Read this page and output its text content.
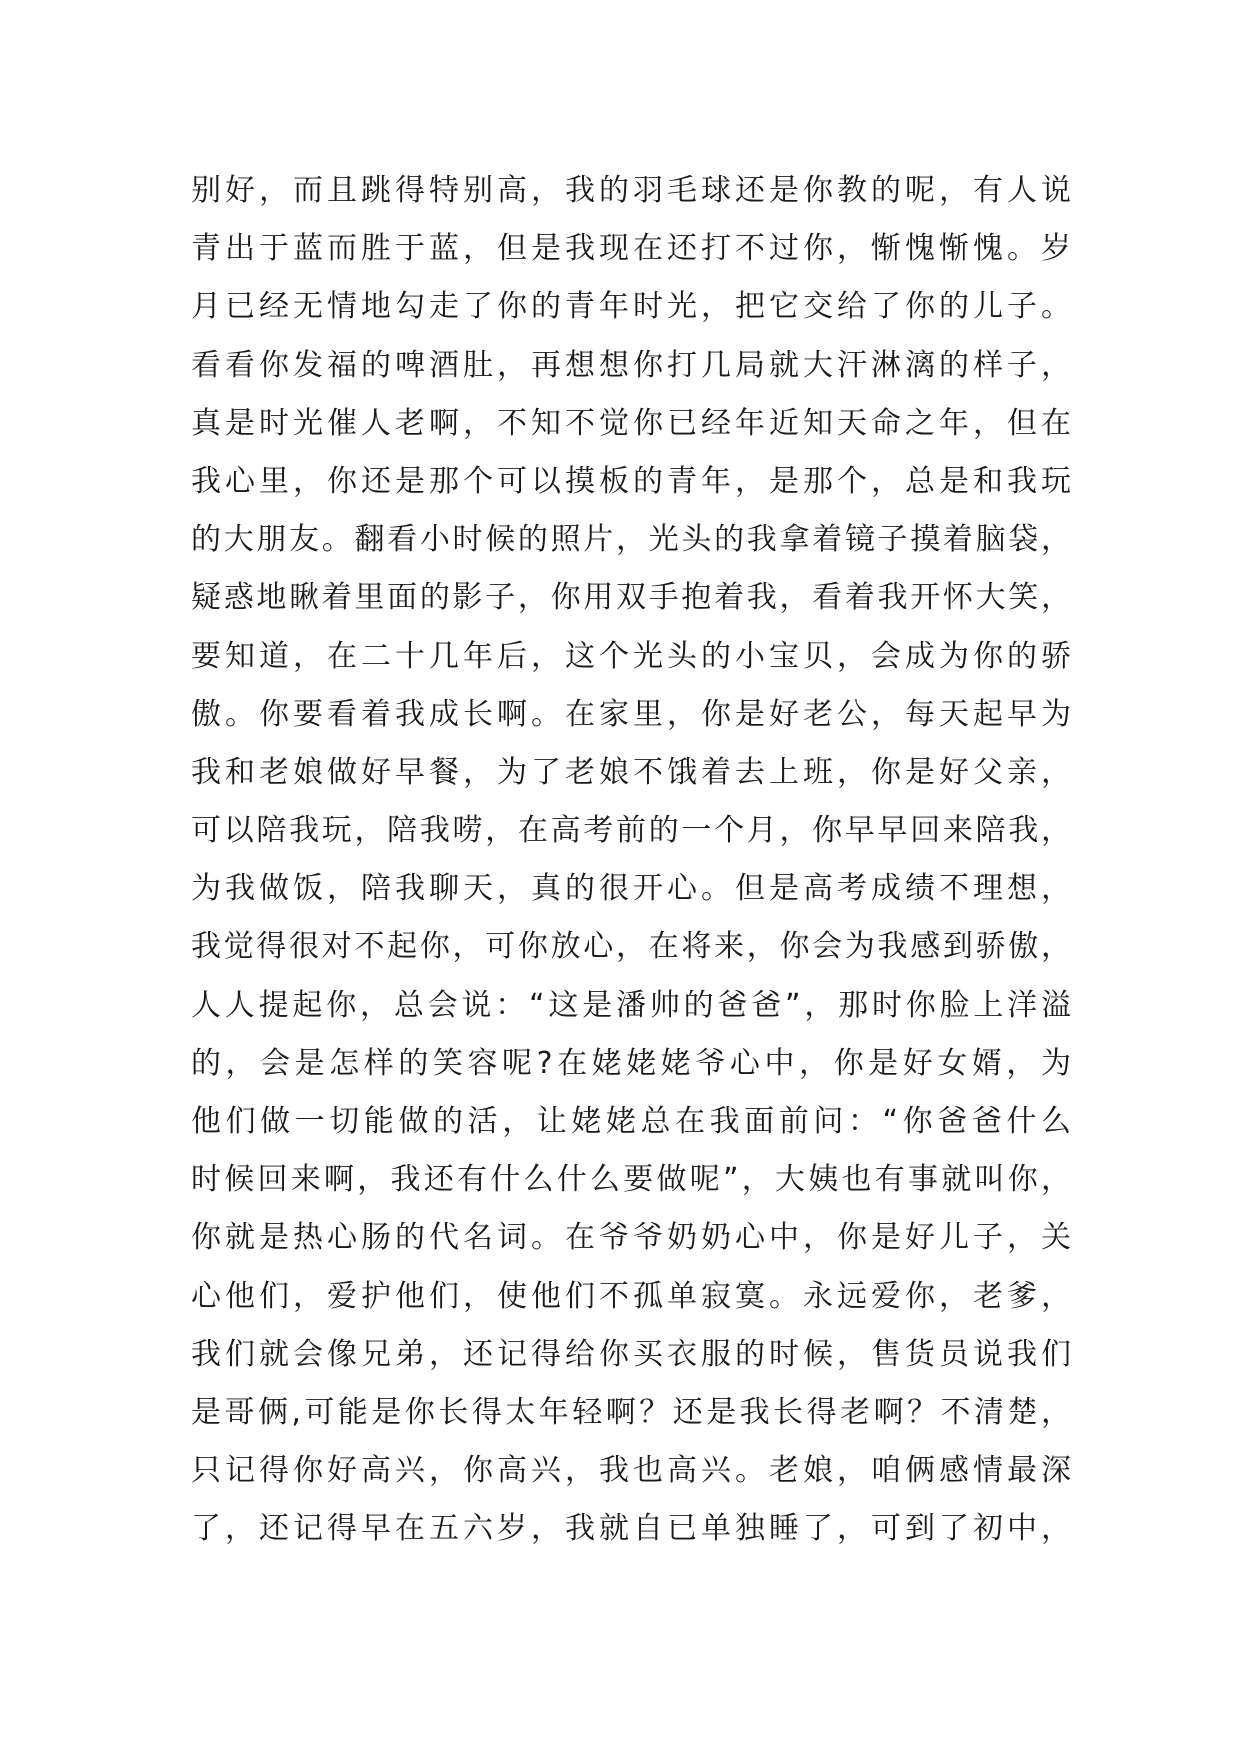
别好，而且跳得特别高，我的羽毛球还是你教的呢，有人说
青出于蓝而胜于蓝，但是我现在还打不过你，惭愧惭愧。岁
月已经无情地勾走了你的青年时光，把它交给了你的儿子。
看看你发福的啤酒肚，再想想你打几局就大汗淋漓的样子，
真是时光催人老啊，不知不觉你已经年近知天命之年，但在
我心里，你还是那个可以摸板的青年，是那个，总是和我玩
的大朋友。翻看小时候的照片，光头的我拿着镜子摸着脑袋，
疑惑地瞅着里面的影子，你用双手抱着我，看着我开怀大笑，
要知道，在二十几年后，这个光头的小宝贝，会成为你的骄
傲。你要看着我成长啊。在家里，你是好老公，每天起早为
我和老娘做好早餐，为了老娘不饿着去上班，你是好父亲，
可以陪我玩，陪我唠，在高考前的一个月，你早早回来陪我，
为我做饭，陪我聊天，真的很开心。但是高考成绩不理想，
我觉得很对不起你，可你放心，在将来，你会为我感到骄傲，
人人提起你，总会说：“这是潘帅的爸爸”，那时你脸上洋溢
的，会是怎样的笑容呢?在姥姥姥爷心中，你是好女婿，为
他们做一切能做的活，让姥姥总在我面前问：“你爸爸什么
时候回来啊，我还有什么什么要做呢”，大姨也有事就叫你，
你就是热心肠的代名词。在爷爷奶奶心中，你是好儿子，关
心他们，爱护他们，使他们不孤单寂寞。永远爱你，老爹，
我们就会像兄弟，还记得给你买衣服的时候，售货员说我们
是哥俩,可能是你长得太年轻啊？还是我长得老啊？不清楚，
只记得你好高兴，你高兴，我也高兴。老娘，咱俩感情最深
了，还记得早在五六岁，我就自已单独睡了，可到了初中，
